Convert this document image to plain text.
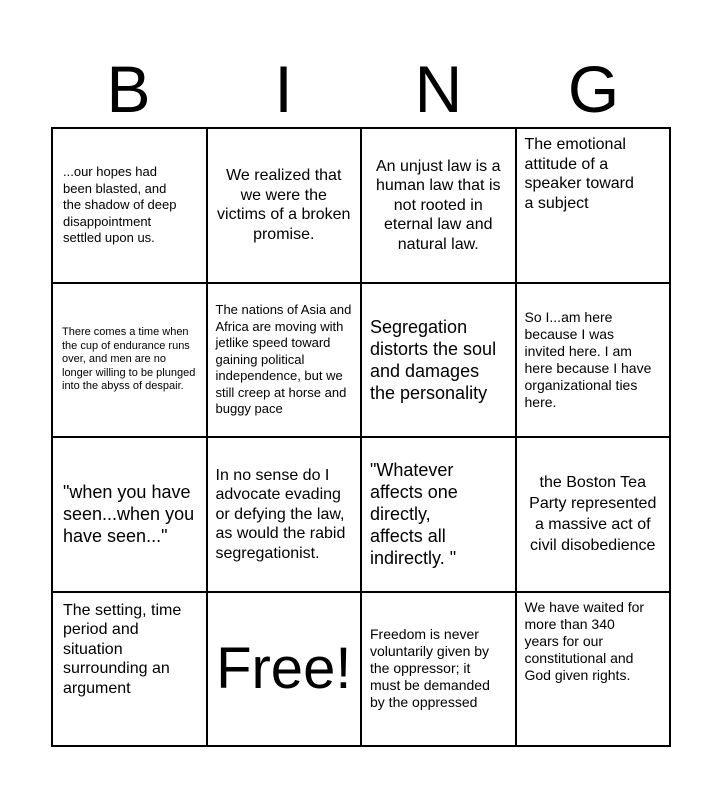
B	I	N	G
...our hopes had been blasted, and the shadow of deep disappointment settled upon us.
We realized that we were the victims of a broken promise.
An unjust law is a human law that is not rooted in eternal law and natural law.
The emotional attitude of a speaker toward a subject
There comes a time when the cup of endurance runs over, and men are no longer willing to be plunged into the abyss of despair.
The nations of Asia and Africa are moving with jetlike speed toward gaining political independence, but we still creep at horse and buggy pace
Segregation distorts the soul and damages the personality
So I...am here because I was invited here. I am here because I have organizational ties here.
"when you have seen...when you have seen..."
In no sense do I advocate evading or defying the law, as would the rabid segregationist.
"Whatever affects one directly, affects all indirectly. "
the Boston Tea Party represented a massive act of civil disobedience
The setting, time period and situation surrounding an argument	Free!
Freedom is never voluntarily given by the oppressor; it must be demanded by the oppressed
We have waited for more than 340 years for our constitutional and God given rights.
